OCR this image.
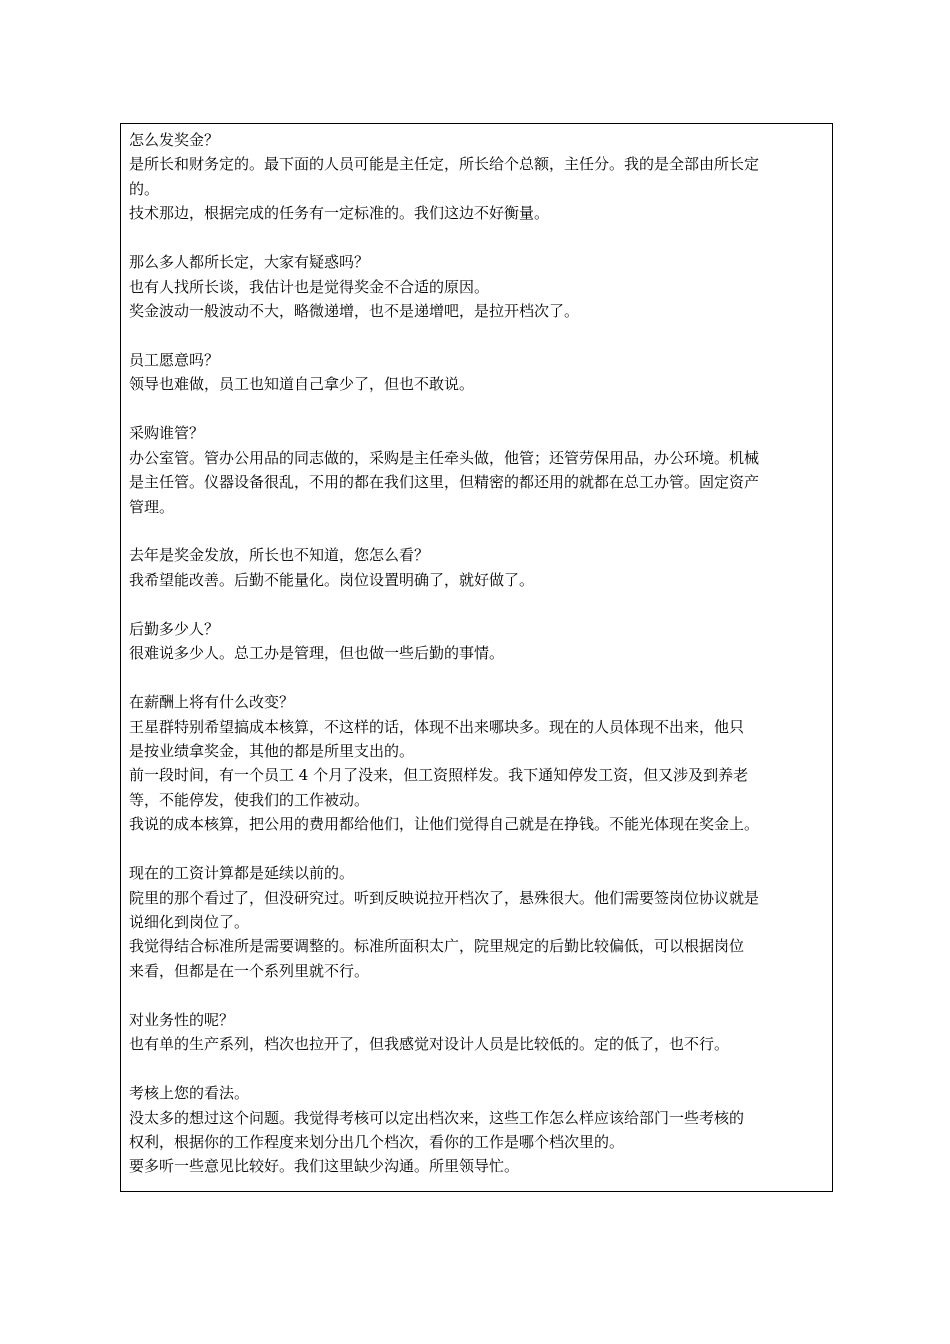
怎么发奖金？
是所长和财务定的。最下面的人员可能是主任定，所长给个总额，主任分。我的是全部由所长定
的。
技术那边，根据完成的任务有一定标准的。我们这边不好衡量。
那么多人都所长定，大家有疑惑吗？
也有人找所长谈，我估计也是觉得奖金不合适的原因。
奖金波动一般波动不大，略微递增，也不是递增吧，是拉开档次了。
员工愿意吗？
领导也难做，员工也知道自己拿少了，但也不敢说。
采购谁管？
办公室管。管办公用品的同志做的，采购是主任牵头做，他管；还管劳保用品，办公环境。机械
是主任管。仪器设备很乱，不用的都在我们这里，但精密的都还用的就都在总工办管。固定资产
管理。
去年是奖金发放，所长也不知道，您怎么看？
我希望能改善。后勤不能量化。岗位设置明确了，就好做了。
后勤多少人？
很难说多少人。总工办是管理，但也做一些后勤的事情。
在薪酬上将有什么改变？
王星群特别希望搞成本核算，不这样的话，体现不出来哪块多。现在的人员体现不出来，他只
是按业绩拿奖金，其他的都是所里支出的。
前一段时间，有一个员工 4 个月了没来，但工资照样发。我下通知停发工资，但又涉及到养老
等，不能停发，使我们的工作被动。
我说的成本核算，把公用的费用都给他们，让他们觉得自己就是在挣钱。不能光体现在奖金上。
现在的工资计算都是延续以前的。
院里的那个看过了，但没研究过。听到反映说拉开档次了，悬殊很大。他们需要签岗位协议就是
说细化到岗位了。
我觉得结合标准所是需要调整的。标准所面积太广，院里规定的后勤比较偏低，可以根据岗位
来看，但都是在一个系列里就不行。
对业务性的呢？
也有单的生产系列，档次也拉开了，但我感觉对设计人员是比较低的。定的低了，也不行。
考核上您的看法。
没太多的想过这个问题。我觉得考核可以定出档次来，这些工作怎么样应该给部门一些考核的
权利，根据你的工作程度来划分出几个档次，看你的工作是哪个档次里的。
要多听一些意见比较好。我们这里缺少沟通。所里领导忙。
